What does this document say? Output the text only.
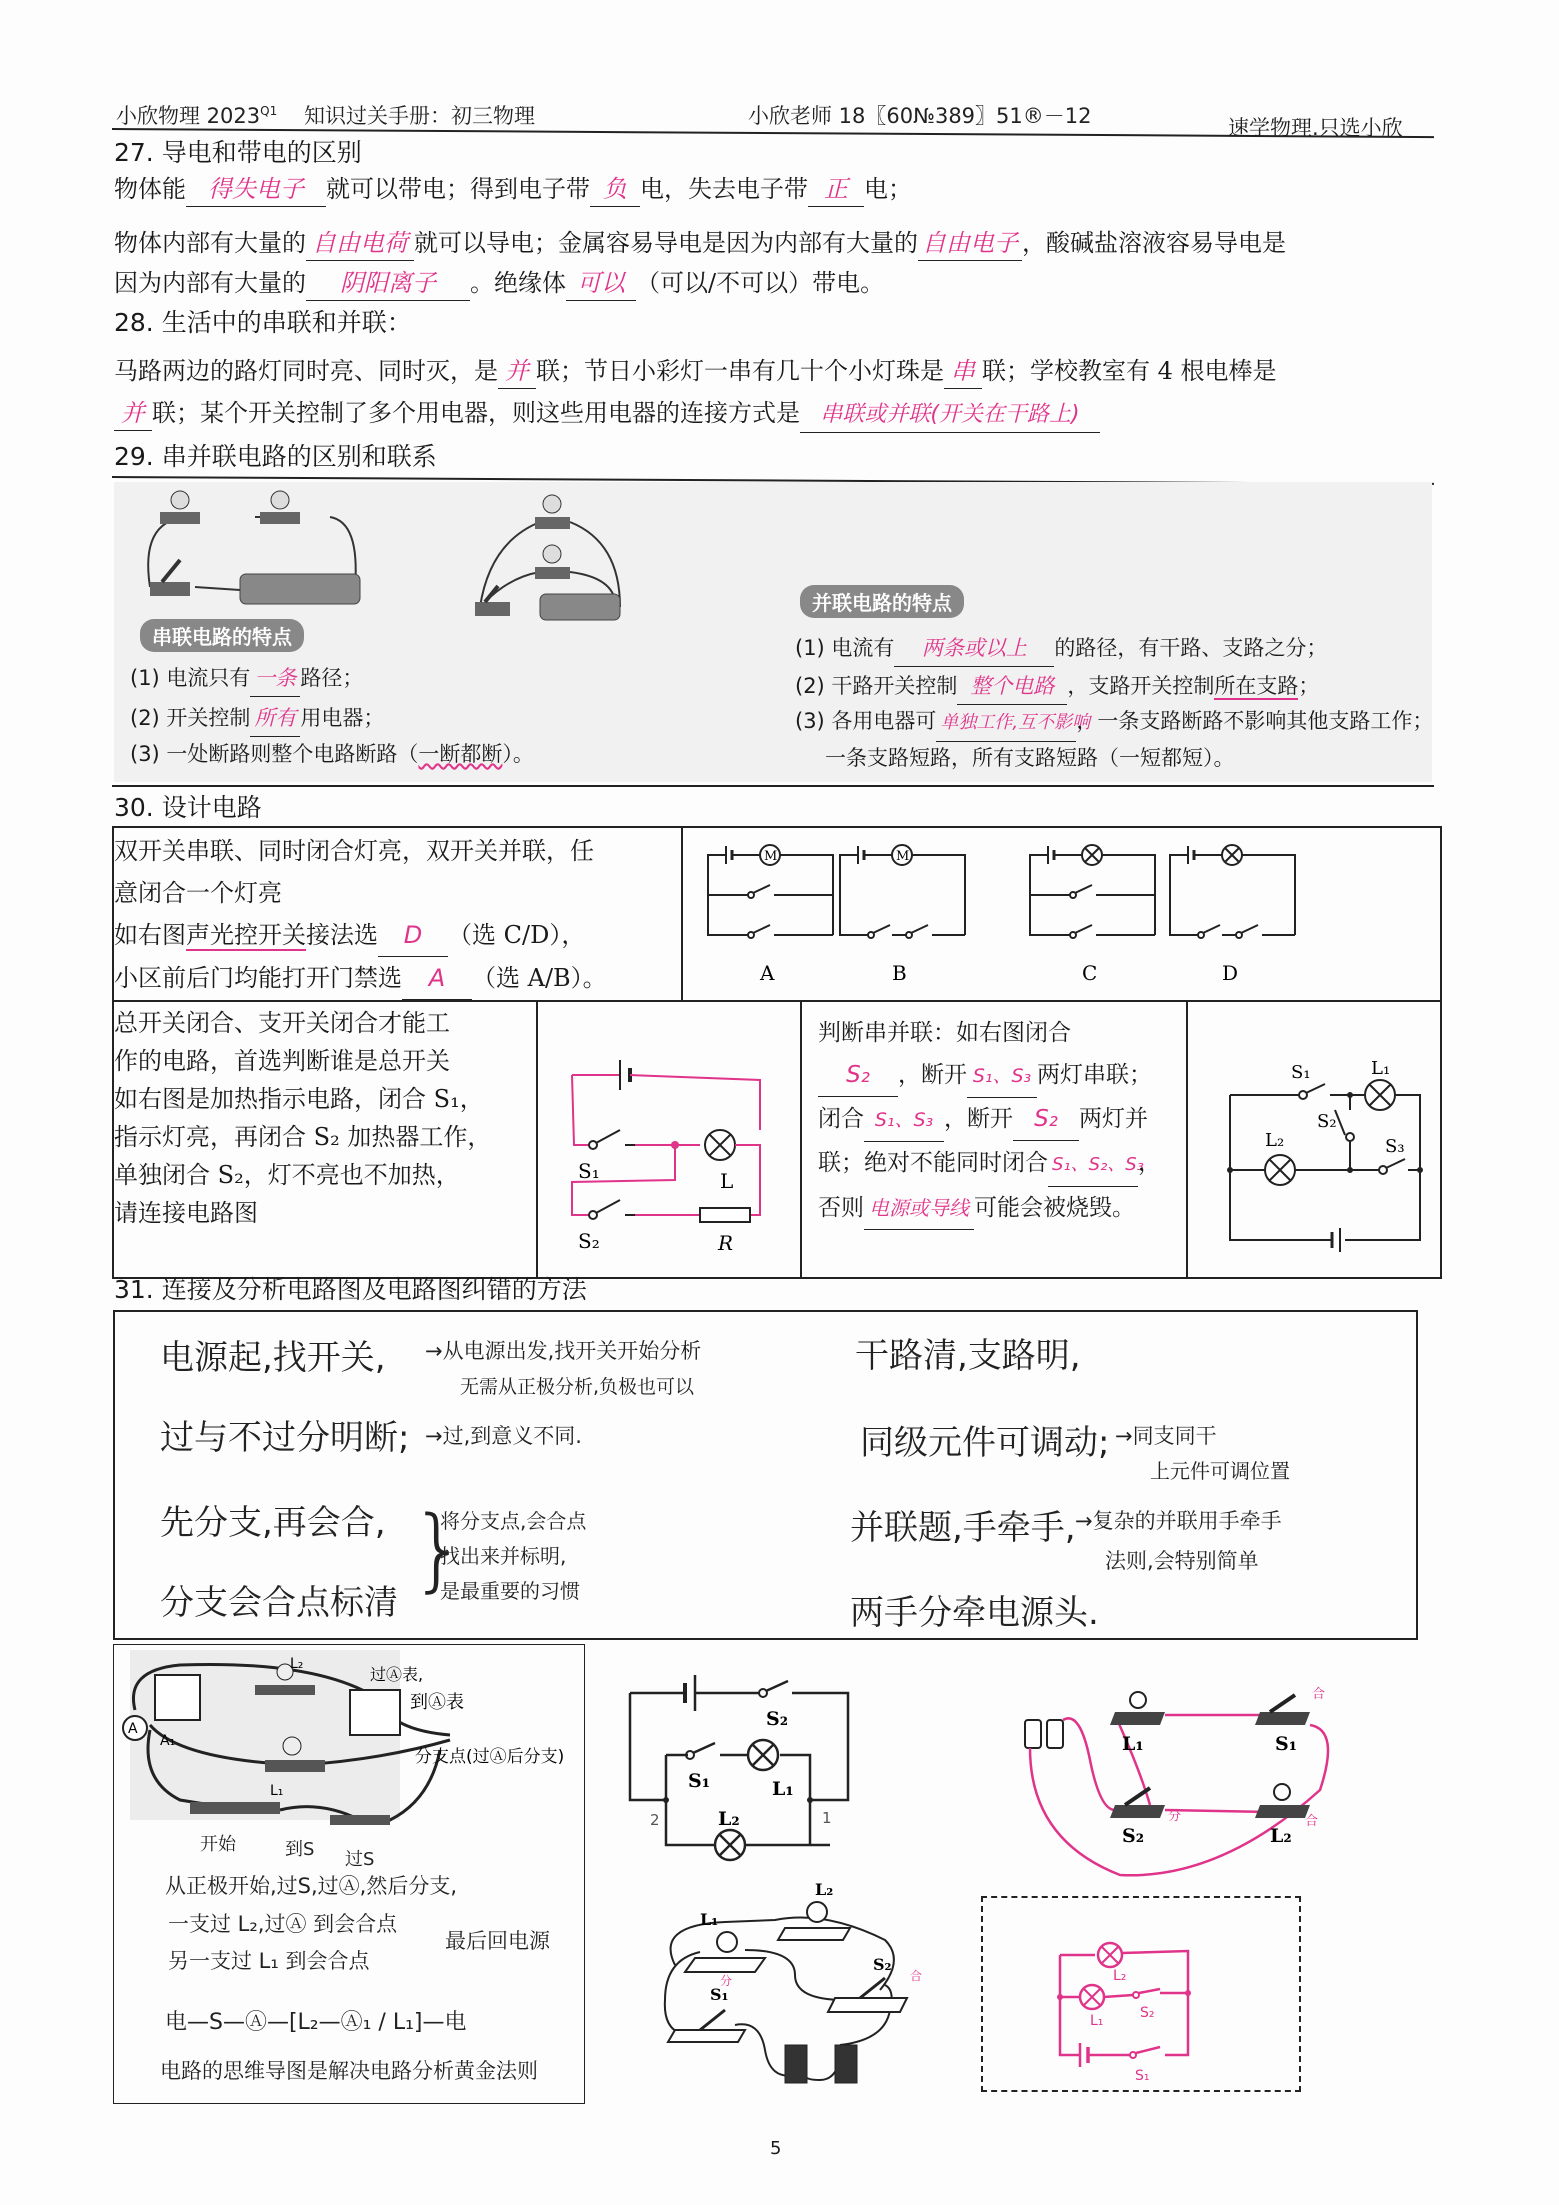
小欣物理 $2023^{Q1}$ 知识过关手册：初三物理	小欣老师 18〖60№389〗51®－12	速学物理.只选小欣
27. 导电和带电的区别
物体能 得失电子 就可以带电；得到电子带 负 电，失去电子带 正 电；
物体内部有大量的 自由电荷 就可以导电；金属容易导电是因为内部有大量的 自由电子 ，酸碱盐溶液容易导电是
因为内部有大量的 阴阳离子 。绝缘体 可以 （可以/不可以）带电。
28. 生活中的串联和并联：
马路两边的路灯同时亮、同时灭，是 并 联；节日小彩灯一串有几十个小灯珠是 串 联；学校教室有 4 根电棒是
并 联；某个开关控制了多个用电器，则这些用电器的连接方式是 串联或并联(开关在干路上)
29. 串并联电路的区别和联系
串联电路的特点
(1) 电流只有 一条 路径；
(2) 开关控制 所有 用电器；
(3) 一处断路则整个电路断路（一断都断）。
并联电路的特点
(1) 电流有 两条或以上 的路径，有干路、支路之分；
(2) 干路开关控制 整个电路 ，支路开关控制所在支路；
(3) 各用电器可 单独工作,互不影响，一条支路断路不影响其他支路工作；
一条支路短路，所有支路短路（一短都短）。
30. 设计电路
双开关串联、同时闭合灯亮，双开关并联，任
意闭合一个灯亮
如右图声光控开关接法选 D （选 C/D），
小区前后门均能打开门禁选 A （选 A/B）。
M
A
M
B	C	D
总开关闭合、支开关闭合才能工
作的电路，首选判断谁是总开关
如右图是加热指示电路，闭合 S₁，
指示灯亮，再闭合 S₂ 加热器工作，
单独闭合 S₂，灯不亮也不加热，
请连接电路图
S₁	L
S₂	R
判断串并联：如右图闭合
S₂ ，断开 S₁、S₃ 两灯串联；
闭合 S₁、S₃ ，断开 S₂ 两灯并
联；绝对不能同时闭合 S₁、S₂、S₃，
否则 电源或导线 可能会被烧毁。
S₁	L₁
S₂
L₂	S₃
31. 连接及分析电路图及电路图纠错的方法
电源起,找开关, →从电源出发,找开关开始分析
无需从正极分析,负极也可以
过与不过分明断; →过,到意义不同.
先分支,再会合,	将分支点,会合点
分支会合点标清
找出来并标明,
是最重要的习惯
}
干路清,支路明,
同级元件可调动; →同支同干
上元件可调位置
并联题,手牵手, →复杂的并联用手牵手
法则,会特别简单
两手分牵电源头.
L₂
L₁
A₁
A
过Ⓐ表,
到Ⓐ表
分支点(过Ⓐ后分支)
开始	到S 过S
从正极开始,过S,过Ⓐ,然后分支,
一支过 L₂,过Ⓐ 到会合点
另一支过 L₁ 到会合点
最后回电源
电—S—Ⓐ—[L₂—Ⓐ₁ / L₁]—电
电路的思维导图是解决电路分析黄金法则
S₂
S₁	L₁
L₂
2	1
L₁	S₁
S₂	L₂
合
分	合
L₁
L₂
S₁
S₂
分	合	L₂
L₁	S₂
S₁
5
